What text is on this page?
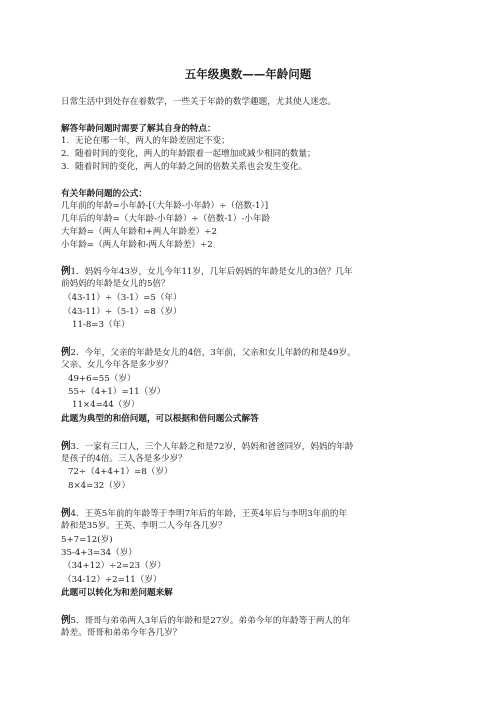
五年级奥数——年龄问题
日常生活中到处存在着数学，一些关于年龄的数学趣题，尤其使人迷恋。
解答年龄问题时需要了解其自身的特点：
1. 无论在哪一年，两人的年龄差固定不变；
2. 随着时间的变化，两人的年龄跟着一起增加或减少相同的数量；
3. 随着时间的变化，两人的年龄之间的倍数关系也会发生变化。
有关年龄问题的公式：
几年前的年龄=小年龄-[（大年龄-小年龄）÷（倍数-1）]
几年后的年龄=（大年龄-小年龄）÷（倍数-1）-小年龄
大年龄=（两人年龄和+两人年龄差）÷2
小年龄=（两人年龄和-两人年龄差）÷2
例1．妈妈今年43岁，女儿今年11岁，几年后妈妈的年龄是女儿的3倍？几年
前妈妈的年龄是女儿的5倍？
（43-11）÷（3-1）=5（年）
（43-11）÷（5-1）=8（岁）
11-8=3（年）
例2．今年，父亲的年龄是女儿的4倍，3年前，父亲和女儿年龄的和是49岁。
父亲、女儿今年各是多少岁？
49+6=55（岁）
55÷（4+1）=11（岁）
11×4=44（岁）
此题为典型的和倍问题，可以根据和倍问题公式解答
例3．一家有三口人，三个人年龄之和是72岁，妈妈和爸爸同岁，妈妈的年龄
是孩子的4倍。三人各是多少岁？
72÷（4+4+1）=8（岁）
8×4=32（岁）
例4．王英5年前的年龄等于李明7年后的年龄，王英4年后与李明3年前的年
龄和是35岁。王英、李明二人今年各几岁？
5+7=12(岁)
35-4+3=34（岁）
（34+12）÷2=23（岁）
（34-12）÷2=11（岁）
此题可以转化为和差问题来解
例5．哥哥与弟弟两人3年后的年龄和是27岁。弟弟今年的年龄等于两人的年
龄差。哥哥和弟弟今年各几岁？
